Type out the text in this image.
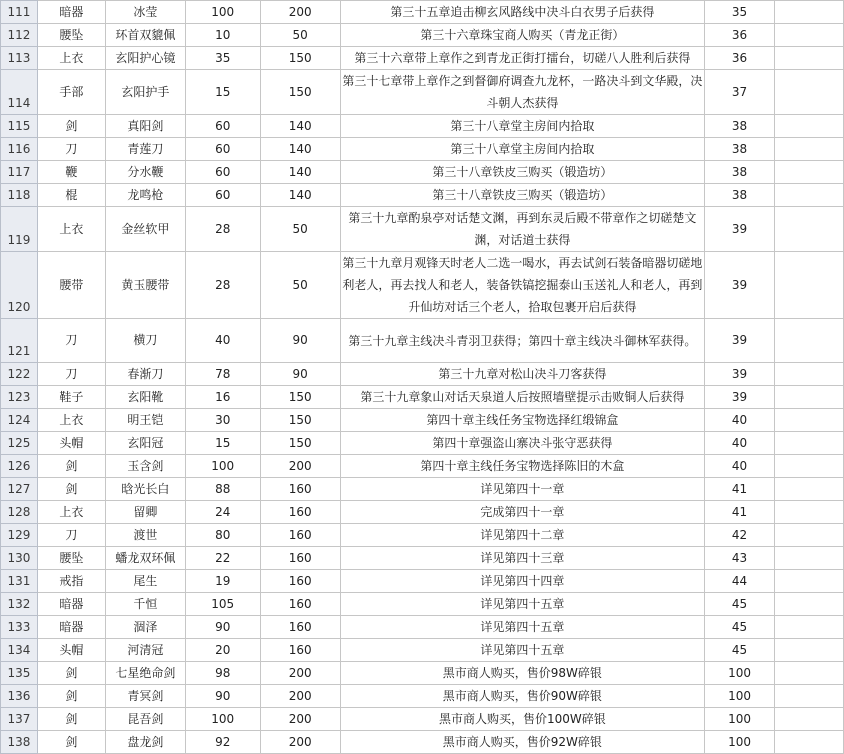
111	暗器	冰莹	100	200	第三十五章追击柳玄风路线中决斗白衣男子后获得	35	
112	腰坠	环首双貔佩	10	50	第三十六章珠宝商人购买（青龙正街）	36	
113	上衣	玄阳护心镜	35	150	第三十六章带上章作之到青龙正街打擂台，切磋八人胜利后获得	36	
114	手部	玄阳护手	15	150	第三十七章带上章作之到督御府调查九龙杯，一路决斗到文华殿，决斗朝人杰获得	37	
115	剑	真阳剑	60	140	第三十八章堂主房间内拾取	38	
116	刀	青莲刀	60	140	第三十八章堂主房间内拾取	38	
117	鞭	分水鞭	60	140	第三十八章铁皮三购买（锻造坊）	38	
118	棍	龙鸣枪	60	140	第三十八章铁皮三购买（锻造坊）	38	
119	上衣	金丝软甲	28	50	第三十九章酌泉亭对话楚文渊，再到东灵后殿不带章作之切磋楚文渊，对话道士获得	39	
120	腰带	黄玉腰带	28	50	第三十九章月观锋天时老人二选一喝水，再去试剑石装备暗器切磋地利老人，再去找人和老人，装备铁镐挖掘泰山玉送礼人和老人，再到升仙坊对话三个老人，拾取包裹开启后获得	39	
121	刀	横刀	40	90	第三十九章主线决斗青羽卫获得；第四十章主线决斗御林军获得。	39	
122	刀	春渐刀	78	90	第三十九章对松山决斗刀客获得	39	
123	鞋子	玄阳靴	16	150	第三十九章象山对话天泉道人后按照墙壁提示击败铜人后获得	39	
124	上衣	明王铠	30	150	第四十章主线任务宝物选择红缎锦盒	40	
125	头帽	玄阳冠	15	150	第四十章强盗山寨决斗张守恶获得	40	
126	剑	玉含剑	100	200	第四十章主线任务宝物选择陈旧的木盒	40	
127	剑	晗光长白	88	160	详见第四十一章	41	
128	上衣	留卿	24	160	完成第四十一章	41	
129	刀	渡世	80	160	详见第四十二章	42	
130	腰坠	蟠龙双环佩	22	160	详见第四十三章	43	
131	戒指	尾生	19	160	详见第四十四章	44	
132	暗器	千恒	105	160	详见第四十五章	45	
133	暗器	涸泽	90	160	详见第四十五章	45	
134	头帽	河清冠	20	160	详见第四十五章	45	
135	剑	七星绝命剑	98	200	黑市商人购买，售价98W碎银	100	
136	剑	青冥剑	90	200	黑市商人购买，售价90W碎银	100	
137	剑	昆吾剑	100	200	黑市商人购买，售价100W碎银	100	
138	剑	盘龙剑	92	200	黑市商人购买，售价92W碎银	100	
